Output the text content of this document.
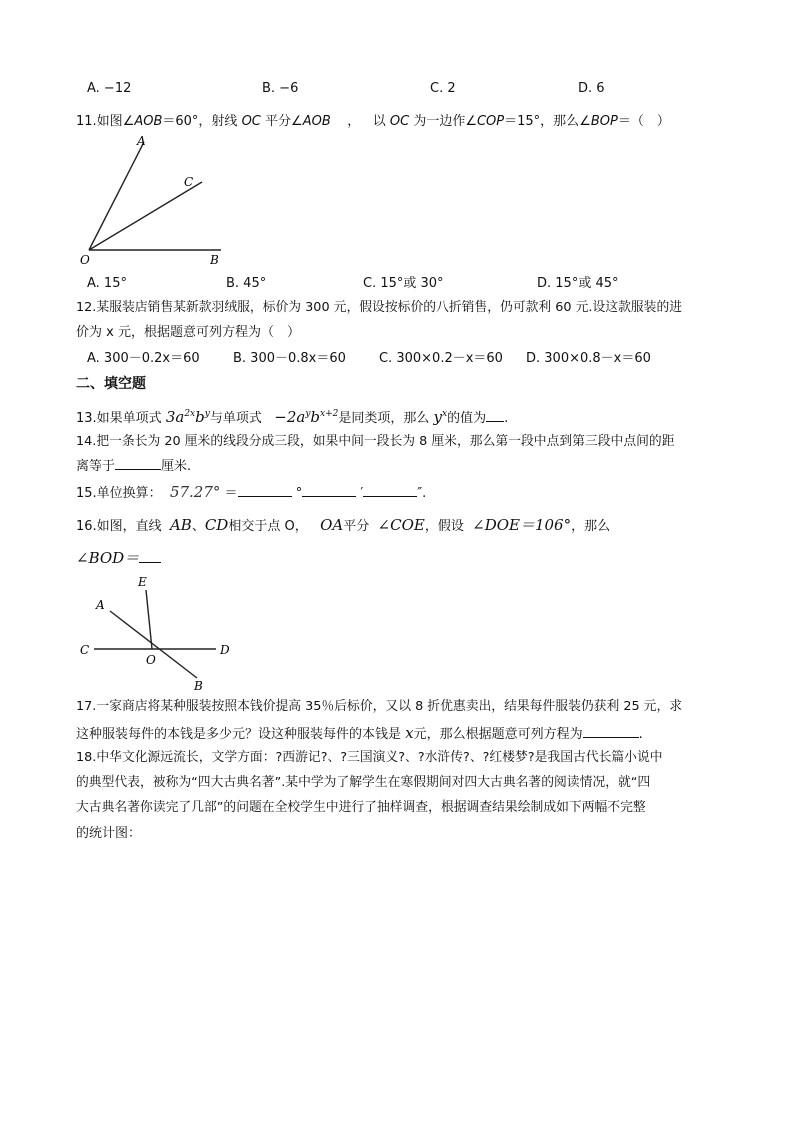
A. −12	B. −6	C. 2	D. 6
11.如图∠AOB＝60°，射线 OC 平分∠AOB ， 以 OC 为一边作∠COP＝15°，那么∠BOP＝（　）
A
C
O	B
A. 15°	B. 45°	C. 15°或 30°	D. 15°或 45°
12.某服装店销售某新款羽绒服，标价为 300 元，假设按标价的八折销售，仍可款利 60 元.设这款服装的进
价为 x 元，根据题意可列方程为（　）
A. 300－0.2x＝60	B. 300－0.8x＝60	C. 300×0.2－x＝60 D. 300×0.8－x＝60
二、填空题
13.如果单项式 $3a^{2x}b^y$与单项式 $-2a^yb^{x+2}$是同类项，那么 $y^x$的值为 .
14.把一条长为 20 厘米的线段分成三段，如果中间一段长为 8 厘米，那么第一段中点到第三段中点间的距
离等于	厘米.
15.单位换算： 57.27° ＝	°	′	″.
16.如图，直线 AB、CD相交于点 O， OA平分 ∠COE，假设 ∠DOE＝106°，那么
∠BOD＝
E
A
C
O
D
B
17.一家商店将某种服装按照本钱价提高 35％后标价，又以 8 折优惠卖出，结果每件服装仍获利 25 元，求
这种服装每件的本钱是多少元？设这种服装每件的本钱是 x元，那么根据题意可列方程为	.
18.中华文化源远流长，文学方面：?西游记?、?三国演义?、?水浒传?、?红楼梦?是我国古代长篇小说中
的典型代表，被称为“四大古典名著”.某中学为了解学生在寒假期间对四大古典名著的阅读情况，就“四
大古典名著你读完了几部”的问题在全校学生中进行了抽样调查，根据调查结果绘制成如下两幅不完整
的统计图：
